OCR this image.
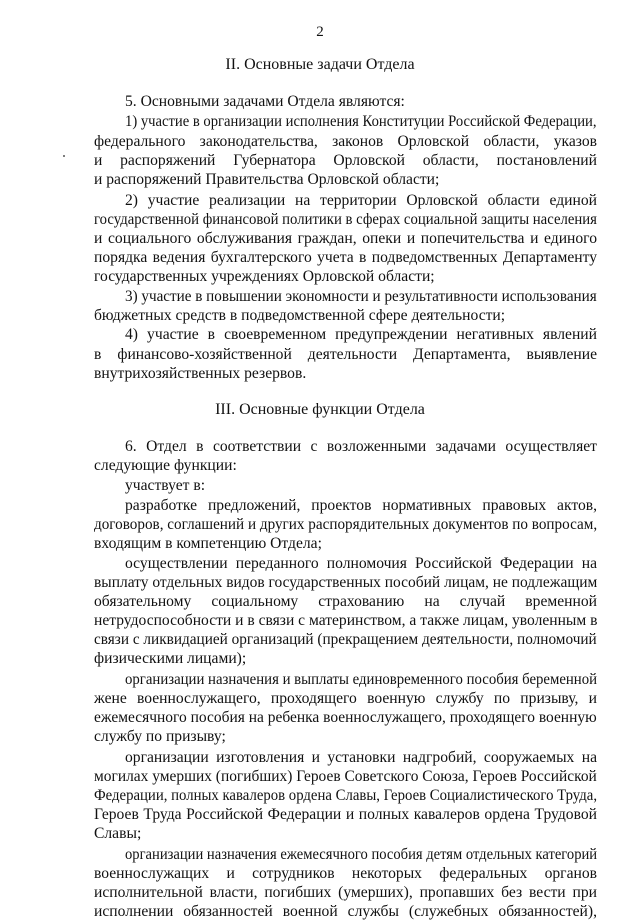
2
II. Основные задачи Отдела
5. Основными задачами Отдела являются:
1) участие в организации исполнения Конституции Российской Федерации,
федерального законодательства, законов Орловской области, указов
и распоряжений Губернатора Орловской области, постановлений
и распоряжений Правительства Орловской области;
2) участие реализации на территории Орловской области единой
государственной финансовой политики в сферах социальной защиты населения
и социального обслуживания граждан, опеки и попечительства и единого
порядка ведения бухгалтерского учета в подведомственных Департаменту
государственных учреждениях Орловской области;
3) участие в повышении экономности и результативности использования
бюджетных средств в подведомственной сфере деятельности;
4) участие в своевременном предупреждении негативных явлений
в финансово-хозяйственной деятельности Департамента, выявление
внутрихозяйственных резервов.
III. Основные функции Отдела
6. Отдел в соответствии с возложенными задачами осуществляет
следующие функции:
участвует в:
разработке предложений, проектов нормативных правовых актов,
договоров, соглашений и других распорядительных документов по вопросам,
входящим в компетенцию Отдела;
осуществлении переданного полномочия Российской Федерации на
выплату отдельных видов государственных пособий лицам, не подлежащим
обязательному социальному страхованию на случай временной
нетрудоспособности и в связи с материнством, а также лицам, уволенным в
связи с ликвидацией организаций (прекращением деятельности, полномочий
физическими лицами);
организации назначения и выплаты единовременного пособия беременной
жене военнослужащего, проходящего военную службу по призыву, и
ежемесячного пособия на ребенка военнослужащего, проходящего военную
службу по призыву;
организации изготовления и установки надгробий, сооружаемых на
могилах умерших (погибших) Героев Советского Союза, Героев Российской
Федерации, полных кавалеров ордена Славы, Героев Социалистического Труда,
Героев Труда Российской Федерации и полных кавалеров ордена Трудовой
Славы;
организации назначения ежемесячного пособия детям отдельных категорий
военнослужащих и сотрудников некоторых федеральных органов
исполнительной власти, погибших (умерших), пропавших без вести при
исполнении обязанностей военной службы (служебных обязанностей),
